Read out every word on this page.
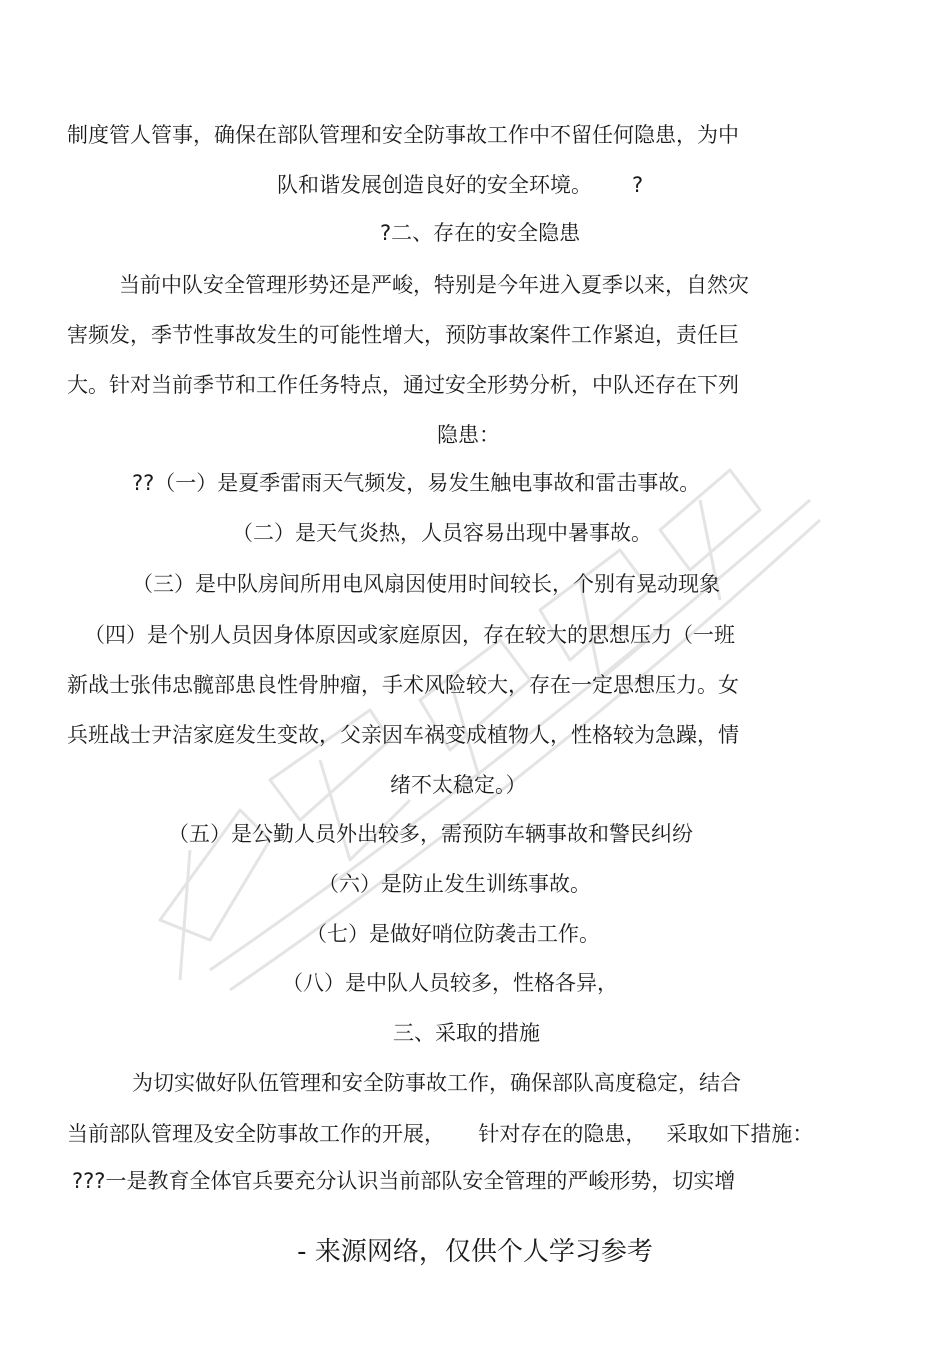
制度管人管事，确保在部队管理和安全防事故工作中不留任何隐患，为中
队和谐发展创造良好的安全环境。      ?
?二、存在的安全隐患
当前中队安全管理形势还是严峻，特别是今年进入夏季以来，自然灾
害频发，季节性事故发生的可能性增大，预防事故案件工作紧迫，责任巨
大。针对当前季节和工作任务特点，通过安全形势分析，中队还存在下列
隐患：
??（一）是夏季雷雨天气频发，易发生触电事故和雷击事故。
（二）是天气炎热，人员容易出现中暑事故。
（三）是中队房间所用电风扇因使用时间较长，个别有晃动现象
（四）是个别人员因身体原因或家庭原因，存在较大的思想压力（一班
新战士张伟忠髋部患良性骨肿瘤，手术风险较大，存在一定思想压力。女
兵班战士尹洁家庭发生变故，父亲因车祸变成植物人，性格较为急躁，情
绪不太稳定。）
（五）是公勤人员外出较多，需预防车辆事故和警民纠纷
（六）是防止发生训练事故。
（七）是做好哨位防袭击工作。
（八）是中队人员较多，性格各异，
三、采取的措施
为切实做好队伍管理和安全防事故工作，确保部队高度稳定，结合
当前部队管理及安全防事故工作的开展，     针对存在的隐患，   采取如下措施：
???一是教育全体官兵要充分认识当前部队安全管理的严峻形势，切实增
- 来源网络，仅供个人学习参考
